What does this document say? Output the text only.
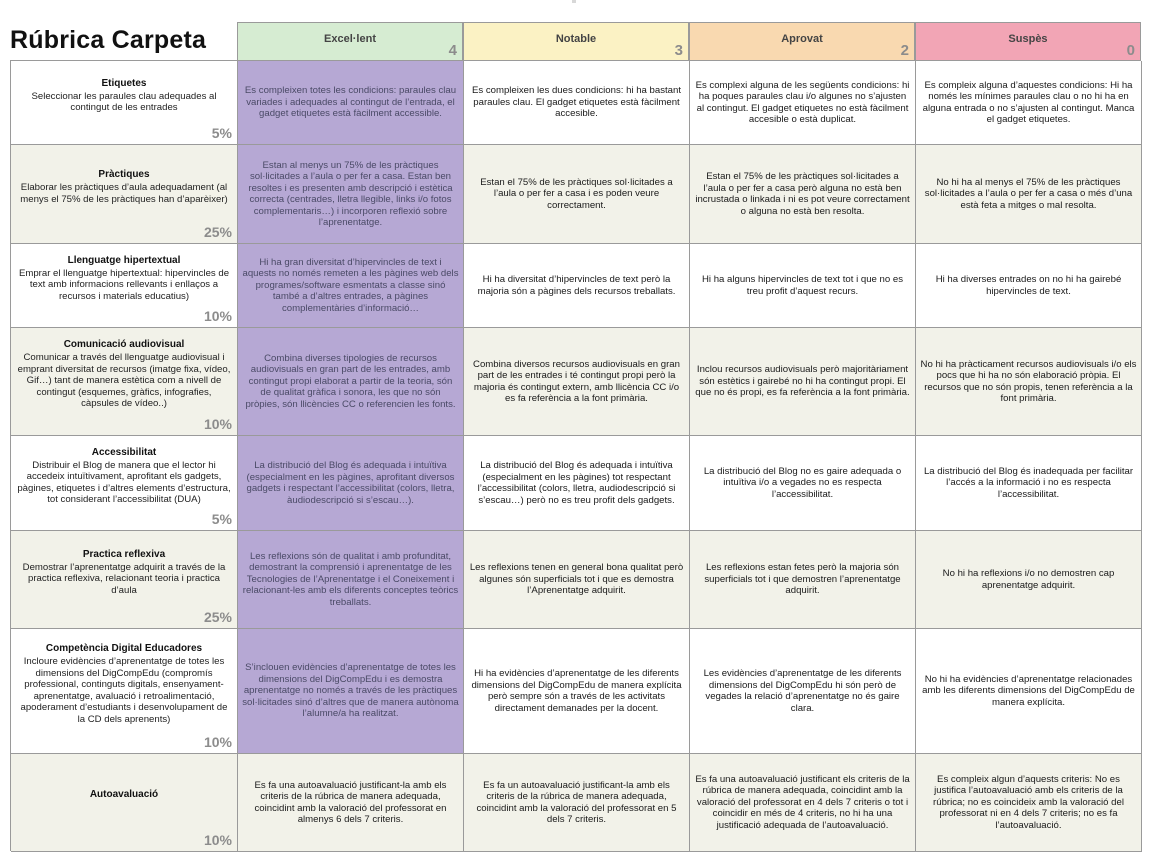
Rúbrica Carpeta	Excel·lent
4
Notable
3
Aprovat
2
Suspès
0
Etiquetes
Seleccionar les paraules clau adequades al contingut de les entrades
5%
Es compleixen totes les condicions: paraules clau variades i adequades al contingut de l’entrada, el gadget etiquetes està fàcilment accessible.
Es compleixen les dues condicions: hi ha bastant paraules clau. El gadget etiquetes està fàcilment accesible.
Es complexi alguna de les següents condicions: hi ha poques paraules clau i/o algunes no s’ajusten al contingut. El gadget etiquetes no està fàcilment accesible o està duplicat.
Es compleix alguna d’aquestes condicions: Hi ha només les mínimes paraules clau o no hi ha en alguna entrada o no s’ajusten al contingut. Manca el gadget etiquetes.
Pràctiques
Elaborar les pràctiques d’aula adequadament (al menys el 75% de les pràctiques han d’aparèixer)
25%
Estan al menys un 75% de les pràctiques sol·licitades a l’aula o per fer a casa. Estan ben resoltes i es presenten amb descripció i estètica correcta (centrades, lletra llegible, links i/o fotos complementaris…) i incorporen reflexió sobre l’aprenentatge.
Estan el 75% de les pràctiques sol·licitades a l’aula o per fer a casa i es poden veure correctament.
Estan el 75% de les pràctiques sol·licitades a l’aula o per fer a casa però alguna no està ben incrustada o linkada i ni es pot veure correctament o alguna no està ben resolta.
No hi ha al menys el 75% de les pràctiques sol·licitades a l’aula o per fer a casa o més d’una està feta a mitges o mal resolta.
Llenguatge hipertextual
Emprar el llenguatge hipertextual: hipervincles de text amb informacions rellevants i enllaços a recursos i materials educatius)
10%
Hi ha gran diversitat d’hipervincles de text i aquests no només remeten a les pàgines web dels programes/software esmentats a classe sinó també a d’altres entrades, a pàgines complementàries d’informació…
Hi ha diversitat d’hipervincles de text però la majoria són a pàgines dels recursos treballats.
Hi ha alguns hipervincles de text tot i que no es treu profit d’aquest recurs.
Hi ha diverses entrades on no hi ha gairebé hipervincles de text.
Comunicació audiovisual
Comunicar a través del llenguatge audiovisual i emprant diversitat de recursos (imatge fixa, vídeo, Gif…) tant de manera estètica com a nivell de contingut (esquemes, gràfics, infografies, càpsules de vídeo..)
10%
Combina diverses tipologies de recursos audiovisuals en gran part de les entrades, amb contingut propi elaborat a partir de la teoria, són de qualitat gràfica i sonora, les que no són pròpies, són llicències CC o referencien les fonts.
Combina diversos recursos audiovisuals en gran part de les entrades i té contingut propi però la majoria és contingut extern, amb llicència CC i/o es fa referència a la font primària.
Inclou recursos audiovisuals però majoritàriament són estètics i gairebé no hi ha contingut propi. El que no és propi, es fa referència a la font primària.
No hi ha pràcticament recursos audiovisuals i/o els pocs que hi ha no són elaboració pròpia. El recursos que no són propis, tenen referència a la font primària.
Accessibilitat
Distribuir el Blog de manera que el lector hi accedeix intuïtivament, aprofitant els gadgets, pàgines, etiquetes i d’altres elements d’estructura, tot considerant l’accessibilitat (DUA)
5%
La distribució del Blog és adequada i intuïtiva (especialment en les pàgines, aprofitant diversos gadgets i respectant l’accessibilitat (colors, lletra, àudiodescripció si s’escau…).
La distribució del Blog és adequada i intuïtiva (especialment en les pàgines) tot respectant l’accessibilitat (colors, lletra, audiodescripció si s’escau…) però no es treu profit dels gadgets.
La distribució del Blog no es gaire adequada o intuïtiva i/o a vegades no es respecta l’accessibilitat.
La distribució del Blog és inadequada per facilitar l’accés a la informació i no es respecta l’accessibilitat.
Practica reflexiva
Demostrar l’aprenentatge adquirit a través de la practica reflexiva, relacionant teoria i practica d’aula
25%
Les reflexions són de qualitat i amb profunditat, demostrant la comprensió i aprenentatge de les Tecnologies de l’Aprenentatge i el Coneixement i relacionant-les amb els diferents conceptes teòrics treballats.
Les reflexions tenen en general bona qualitat però algunes són superficials tot i que es demostra l’Aprenentatge adquirit.
Les reflexions estan fetes però la majoria són superficials tot i que demostren l’aprenentatge adquirit.
No hi ha reflexions i/o no demostren cap aprenentatge adquirit.
Competència Digital Educadores
Incloure evidències d’aprenentatge de totes les dimensions del DigCompEdu (compromís professional, continguts digitals, ensenyament-aprenentatge, avaluació i retroalimentació, apoderament d’estudiants i desenvolupament de la CD dels aprenents)
10%
S’inclouen evidències d’aprenentatge de totes les dimensions del DigCompEdu i es demostra aprenentatge no només a través de les pràctiques sol·licitades sinó d’altres que de manera autònoma l’alumne/a ha realitzat.
Hi ha evidències d’aprenentatge de les diferents dimensions del DigCompEdu de manera explícita però sempre són a través de les activitats directament demanades per la docent.
Les evidències d’aprenentatge de les diferents dimensions del DigCompEdu hi són però de vegades la relació d’aprenentatge no és gaire clara.
No hi ha evidències d’aprenentatge relacionades amb les diferents dimensions del DigCompEdu de manera explícita.
Autoavaluació
10%
Es fa una autoavaluació justificant-la amb els criteris de la rúbrica de manera adequada, coincidint amb la valoració del professorat en almenys 6 dels 7 criteris.
Es fa un autoavaluació justificant-la amb els criteris de la rúbrica de manera adequada, coincidint amb la valoració del professorat en 5 dels 7 criteris.
Es fa una autoavaluació justificant els criteris de la rúbrica de manera adequada, coincidint amb la valoració del professorat en 4 dels 7 criteris o tot i coincidir en més de 4 criteris, no hi ha una justificació adequada de l’autoavaluació.
Es compleix algun d’aquests criteris: No es justifica l’autoavaluació amb els criteris de la rúbrica; no es coincideix amb la valoració del professorat ni en 4 dels 7 criteris; no es fa l’autoavaluació.
